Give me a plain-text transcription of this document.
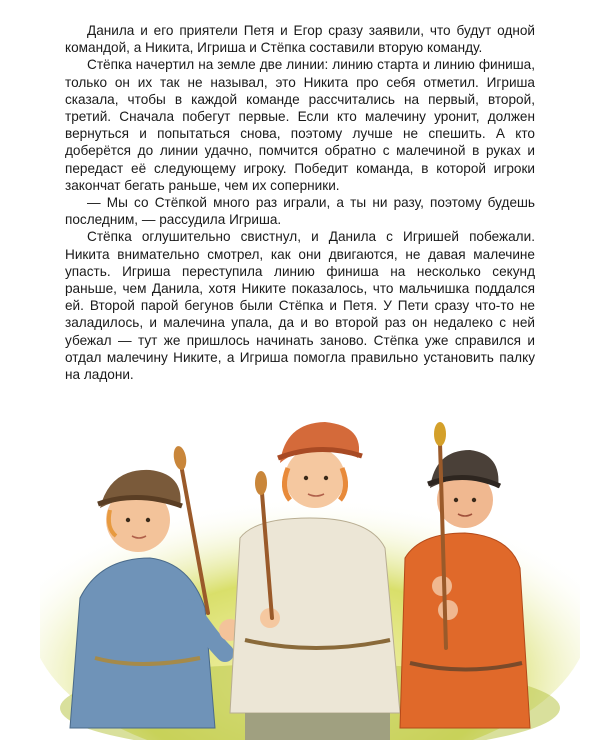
Данила и его приятели Петя и Егор сразу заявили, что будут одной командой, а Никита, Игриша и Стёпка составили вторую команду.

Стёпка начертил на земле две линии: линию старта и линию финиша, только он их так не называл, это Никита про себя отметил. Игриша сказала, чтобы в каждой команде рассчитались на первый, второй, третий. Сначала побегут первые. Если кто малечину уронит, должен вернуться и попытаться снова, поэтому лучше не спешить. А кто доберётся до линии удачно, помчится обратно с малечиной в руках и передаст её следующему игроку. Победит команда, в которой игроки закончат бегать раньше, чем их соперники.

— Мы со Стёпкой много раз играли, а ты ни разу, поэтому будешь последним, — рассудила Игриша.

Стёпка оглушительно свистнул, и Данила с Игришей побежали. Никита внимательно смотрел, как они двигаются, не давая малечине упасть. Игриша переступила линию финиша на несколько секунд раньше, чем Данила, хотя Никите показалось, что мальчишка поддался ей. Второй парой бегунов были Стёпка и Петя. У Пети сразу что-то не заладилось, и малечина упала, да и во второй раз он недалеко с ней убежал — тут же пришлось начинать заново. Стёпка уже справился и отдал малечину Никите, а Игриша помогла правильно установить палку на ладони.
